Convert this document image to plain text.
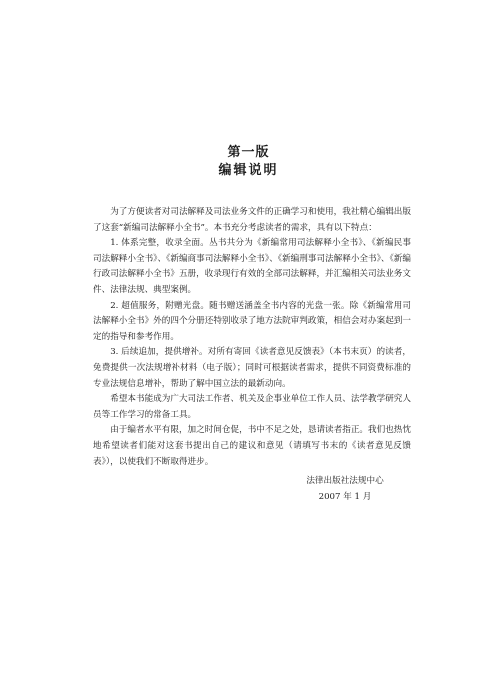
第一版
编辑说明

为了方便读者对司法解释及司法业务文件的正确学习和使用，我社精心编辑出版了这套“新编司法解释小全书”。本书充分考虑读者的需求，具有以下特点：

1. 体系完整，收录全面。丛书共分为《新编常用司法解释小全书》、《新编民事司法解释小全书》、《新编商事司法解释小全书》、《新编刑事司法解释小全书》、《新编行政司法解释小全书》五册，收录现行有效的全部司法解释，并汇编相关司法业务文件、法律法规、典型案例。

2. 超值服务，附赠光盘。随书赠送涵盖全书内容的光盘一张。除《新编常用司法解释小全书》外的四个分册还特别收录了地方法院审判政策，相信会对办案起到一定的指导和参考作用。

3. 后续追加，提供增补。对所有寄回《读者意见反馈表》（本书末页）的读者，免费提供一次法规增补材料（电子版）；同时可根据读者需求，提供不同资费标准的专业法规信息增补，帮助了解中国立法的最新动向。

希望本书能成为广大司法工作者、机关及企事业单位工作人员、法学教学研究人员等工作学习的常备工具。

由于编者水平有限，加之时间仓促，书中不足之处，恳请读者指正。我们也热忱地希望读者们能对这套书提出自己的建议和意见（请填写书末的《读者意见反馈表》），以使我们不断取得进步。

法律出版社法规中心
2007 年 1 月
